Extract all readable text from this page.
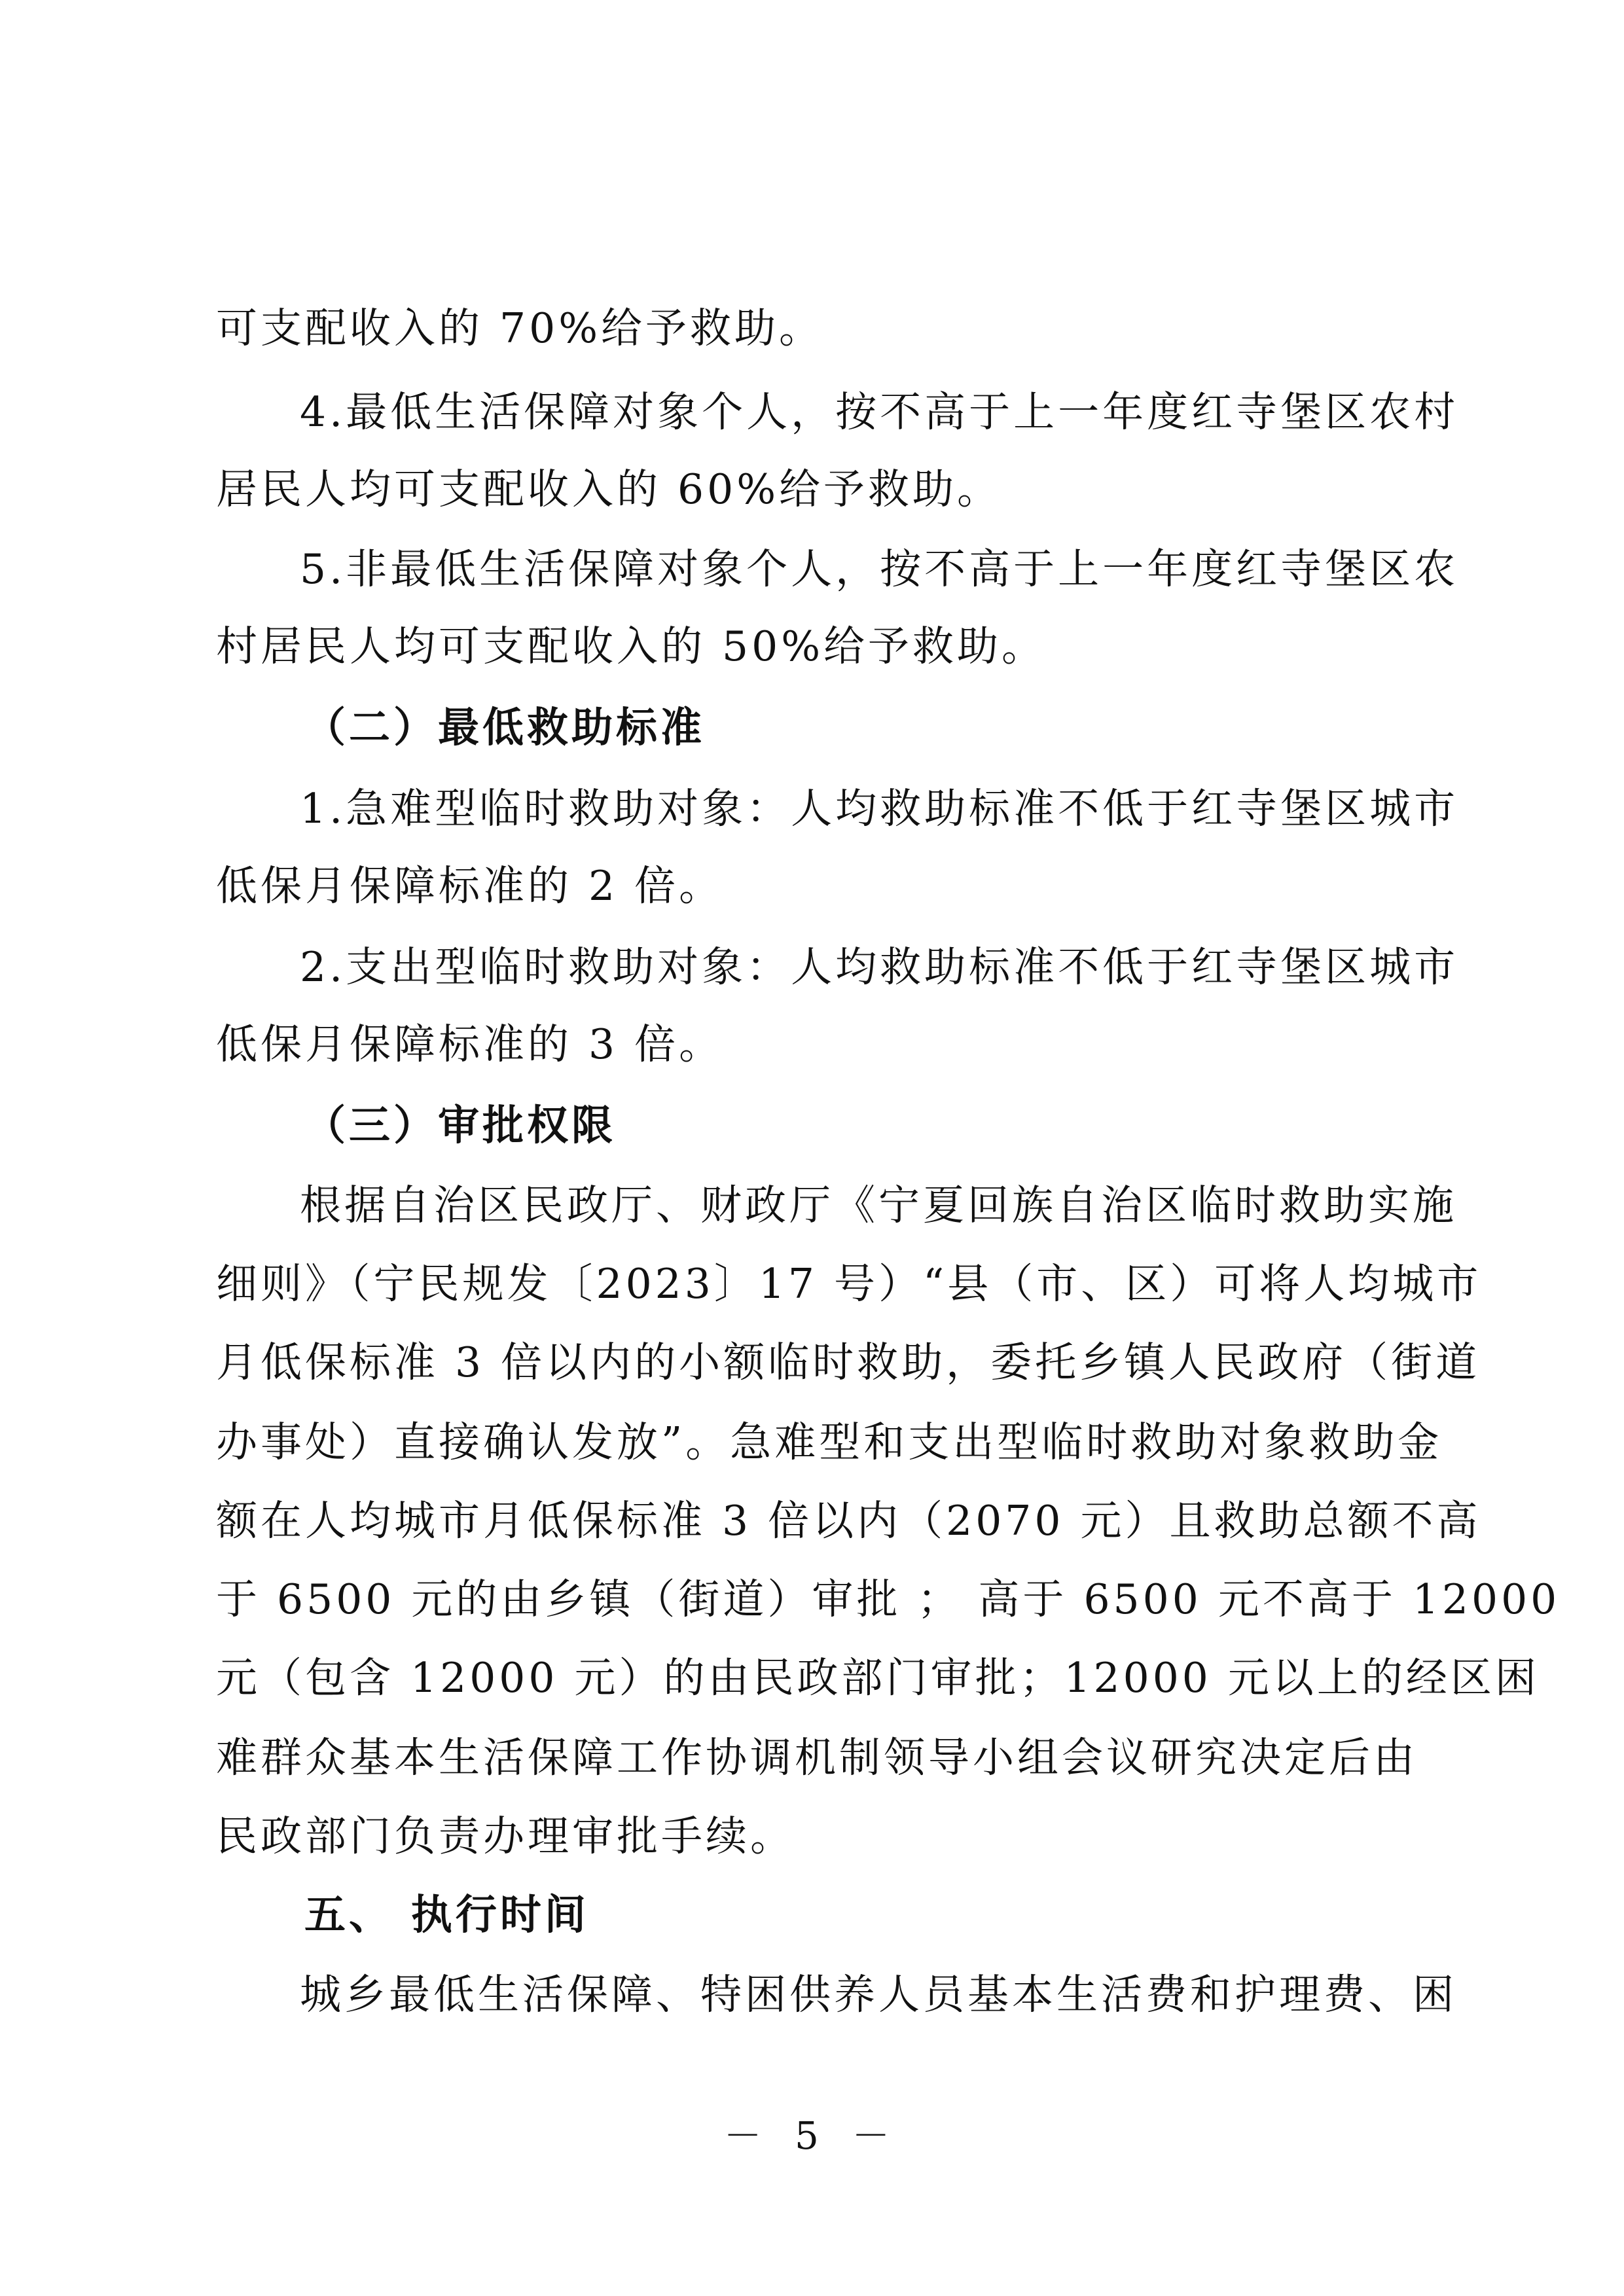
可支配收入的 70%给予救助。
4.最低生活保障对象个人，按不高于上一年度红寺堡区农村
居民人均可支配收入的 60%给予救助。
5.非最低生活保障对象个人，按不高于上一年度红寺堡区农
村居民人均可支配收入的 50%给予救助。
（二）最低救助标准
1.急难型临时救助对象：人均救助标准不低于红寺堡区城市
低保月保障标准的 2 倍。
2.支出型临时救助对象：人均救助标准不低于红寺堡区城市
低保月保障标准的 3 倍。
（三）审批权限
根据自治区民政厅、财政厅《宁夏回族自治区临时救助实施
细则》（宁民规发〔2023〕17 号）“县（市、区）可将人均城市
月低保标准 3 倍以内的小额临时救助，委托乡镇人民政府（街道
办事处）直接确认发放”。急难型和支出型临时救助对象救助金
额在人均城市月低保标准 3 倍以内（2070 元）且救助总额不高
于 6500 元的由乡镇（街道）审批 ； 高于 6500 元不高于 12000
元（包含 12000 元）的由民政部门审批；12000 元以上的经区困
难群众基本生活保障工作协调机制领导小组会议研究决定后由
民政部门负责办理审批手续。
五、 执行时间
城乡最低生活保障、特困供养人员基本生活费和护理费、困
－ 5 －
